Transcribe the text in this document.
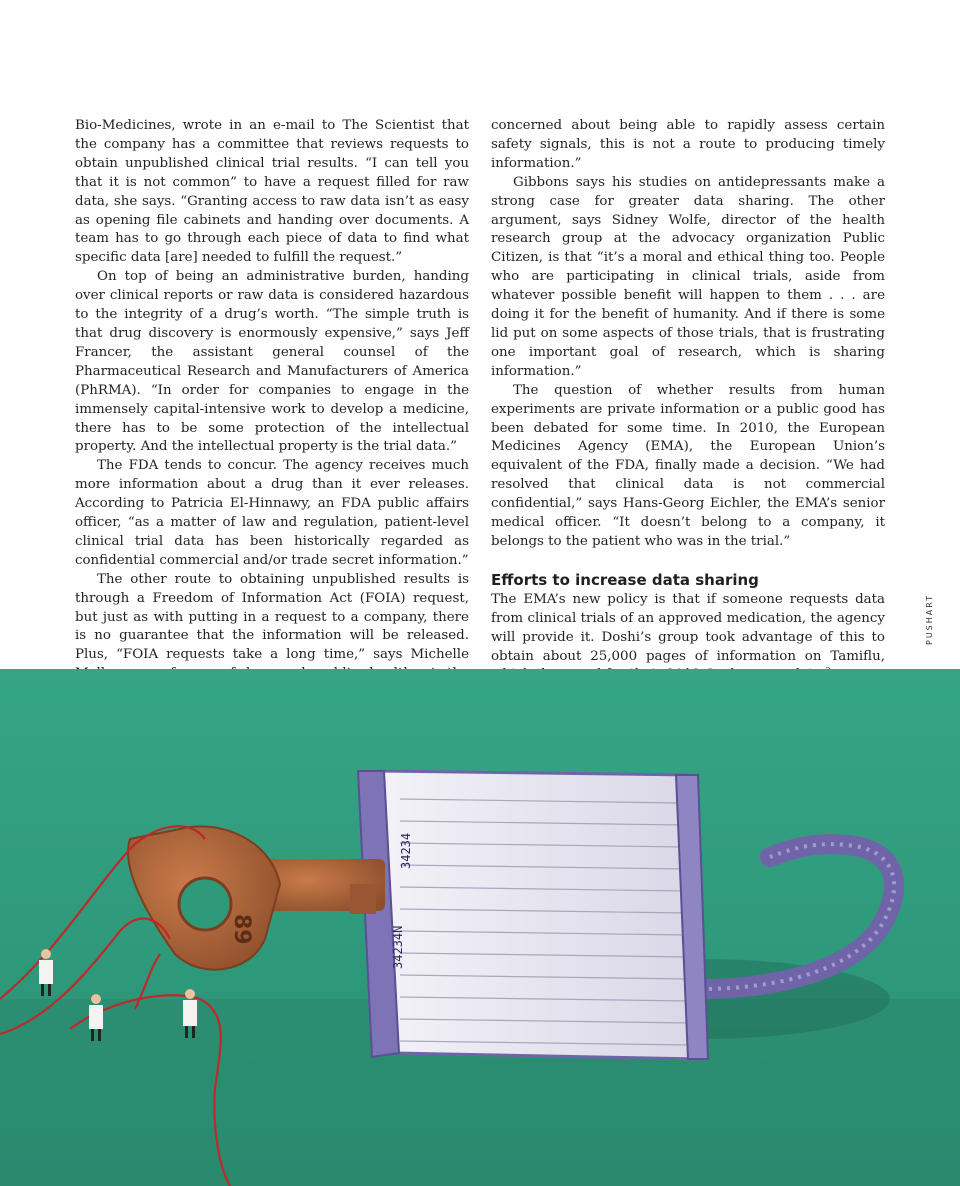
Bio-Medicines, wrote in an e-mail to The Scientist that the company has a committee that reviews requests to obtain unpublished clinical trial results. “I can tell you that it is not common” to have a request filled for raw data, she says. “Granting access to raw data isn’t as easy as opening file cabinets and handing over documents. A team has to go through each piece of data to find what specific data [are] needed to fulfill the request.”

On top of being an administrative burden, handing over clinical reports or raw data is considered hazardous to the integrity of a drug’s worth. “The simple truth is that drug discovery is enormously expensive,” says Jeff Francer, the assistant general counsel of the Pharmaceutical Research and Manufacturers of America (PhRMA). “In order for companies to engage in the immensely capital-intensive work to develop a medicine, there has to be some protection of the intellectual property. And the intellectual property is the trial data.”

The FDA tends to concur. The agency receives much more information about a drug than it ever releases. According to Patricia El-Hinnawy, an FDA public affairs officer, “as a matter of law and regulation, patient-level clinical trial data has been historically regarded as confidential commercial and/or trade secret information.”

The other route to obtaining unpublished results is through a Freedom of Information Act (FOIA) request, but just as with putting in a request to a company, there is no guarantee that the information will be released. Plus, “FOIA requests take a long time,” says Michelle

concerned about being able to rapidly assess certain safety signals, this is not a route to producing timely information.”

Gibbons says his studies on antidepressants make a strong case for greater data sharing. The other argument, says Sidney Wolfe, director of the health research group at the advocacy organization Public Citizen, is that “it’s a moral and ethical thing too. People who are participating in clinical trials, aside from whatever possible benefit will happen to them . . . are doing it for the benefit of humanity. And if there is some lid put on some aspects of those trials, that is frustrating one important goal of research, which is sharing information.”

The question of whether results from human experiments are private information or a public good has been debated for some time. In 2010, the European Medicines Agency (EMA), the European Union’s equivalent of the FDA, finally made a decision. “We had resolved that clinical data is not commercial confidential,” says Hans-Georg Eichler, the EMA’s senior medical officer. “It doesn’t belong to a company, it belongs to the patient who was in the trial.”

Efforts to increase data sharing

The EMA’s new policy is that if someone requests data from clinical trials of an approved medication, the agency will provide it. Doshi’s group took advantage of this to obtain about 25,000 pages of information on Tamiflu,

PUSHART
34234N
34234
89
